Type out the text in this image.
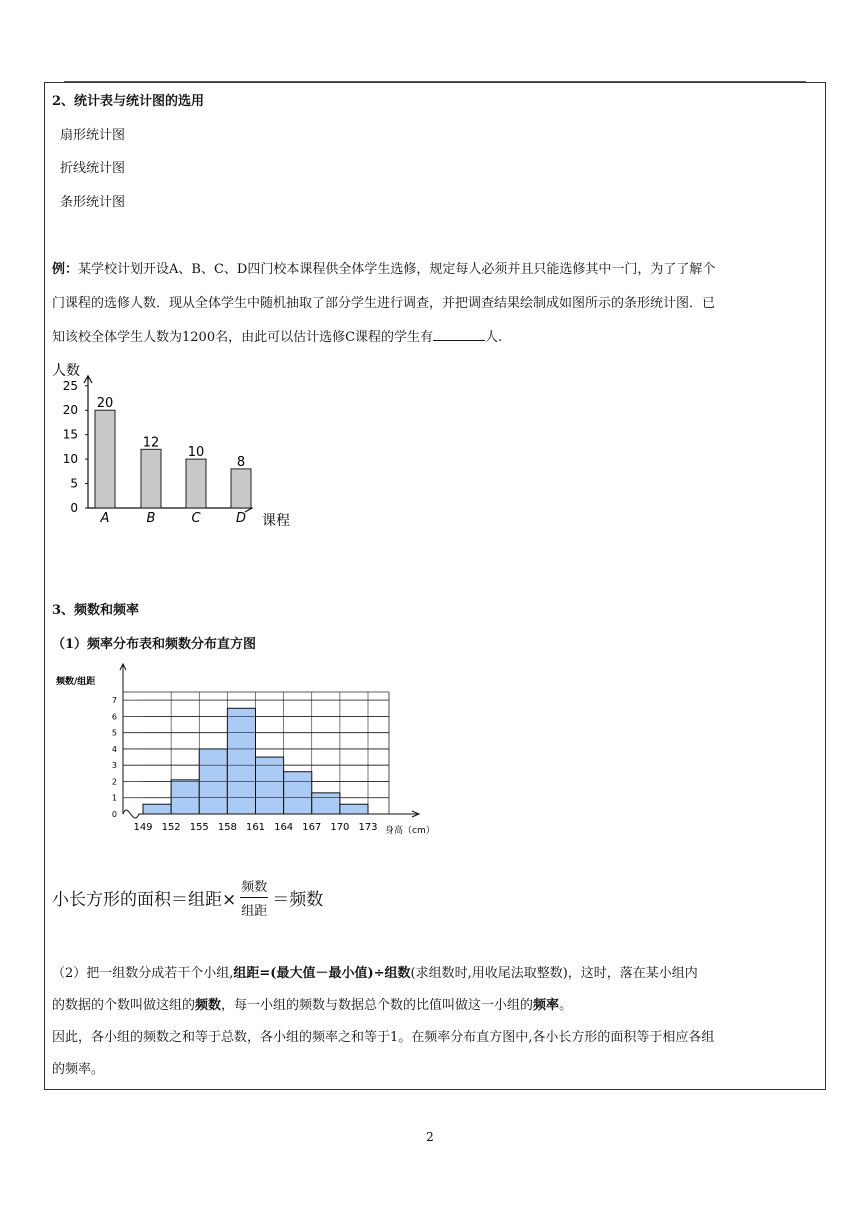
2、统计表与统计图的选用
扇形统计图
折线统计图
条形统计图
例：某学校计划开设A、B、C、D四门校本课程供全体学生选修，规定每人必须并且只能选修其中一门，为了了解个
门课程的选修人数．现从全体学生中随机抽取了部分学生进行调查，并把调查结果绘制成如图所示的条形统计图．已
知该校全体学生人数为1200名，由此可以估计选修C课程的学生有	人.
人数
课程
0
5
10
15
20
25
20
A
12
B
10
C
8
D
3、频数和频率
（1）频率分布表和频数分布直方图
0
1
2
3
4
5
6
7
频数/组距
149 152 155 158 161 164 167 170 173 身高（cm）
小长方形的面积＝组距× $\frac{\text{频数}}{\text{组距}}$ ＝频数
（2）把一组数分成若干个小组,组距=(最大值－最小值)÷组数(求组数时,用收尾法取整数)，这时，落在某小组内
的数据的个数叫做这组的频数，每一小组的频数与数据总个数的比值叫做这一小组的频率。
因此，各小组的频数之和等于总数，各小组的频率之和等于1。在频率分布直方图中,各小长方形的面积等于相应各组
的频率。
2
